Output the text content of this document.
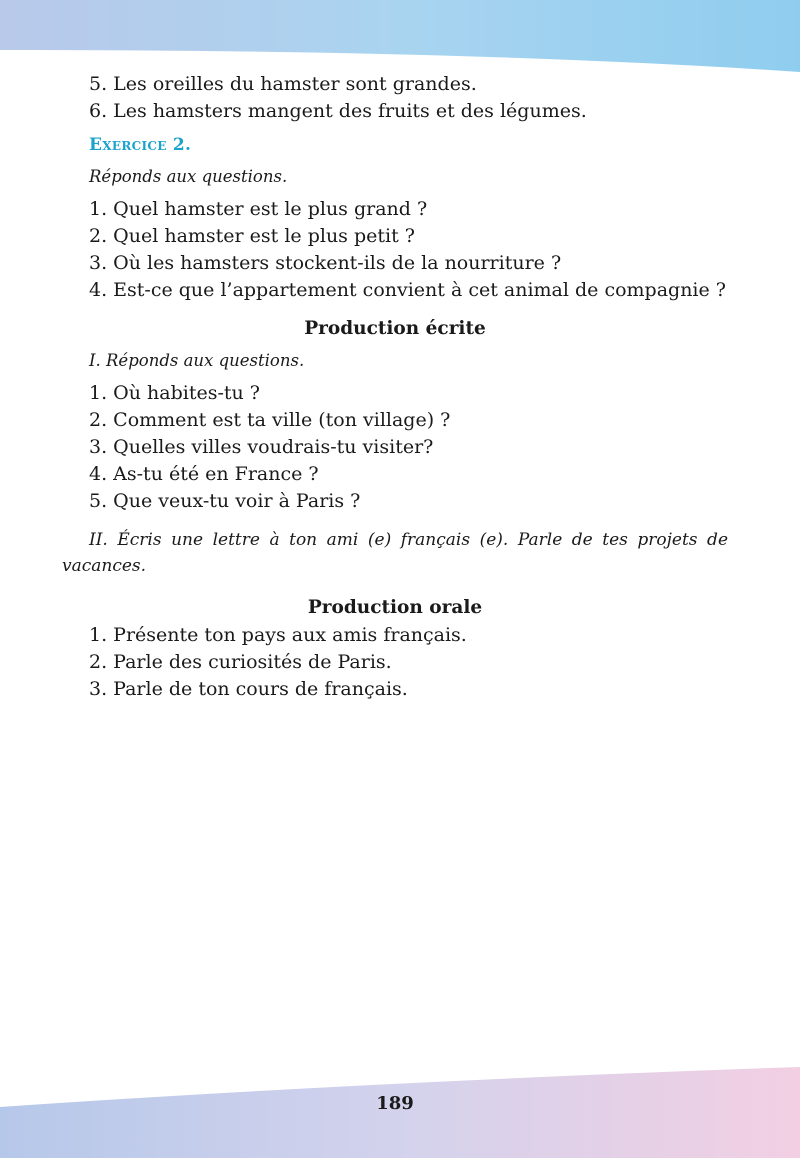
5. Les oreilles du hamster sont grandes.
6. Les hamsters mangent des fruits et des légumes.
Exercice 2.
Réponds aux questions.
1. Quel hamster est le plus grand ?
2. Quel hamster est le plus petit ?
3. Où les hamsters stockent-ils de la nourriture ?
4. Est-ce que l’appartement convient à cet animal de compagnie ?
Production écrite
I. Réponds aux questions.
1. Où habites-tu ?
2. Comment est ta ville (ton village) ?
3. Quelles villes voudrais-tu visiter?
4. As-tu été en France ?
5. Que veux-tu voir à Paris ?
II. Écris une lettre à ton ami (e) français (e). Parle de tes projets de vacances.
Production orale
1. Présente ton pays aux amis français.
2. Parle des curiosités de Paris.
3. Parle de ton cours de français.
189
